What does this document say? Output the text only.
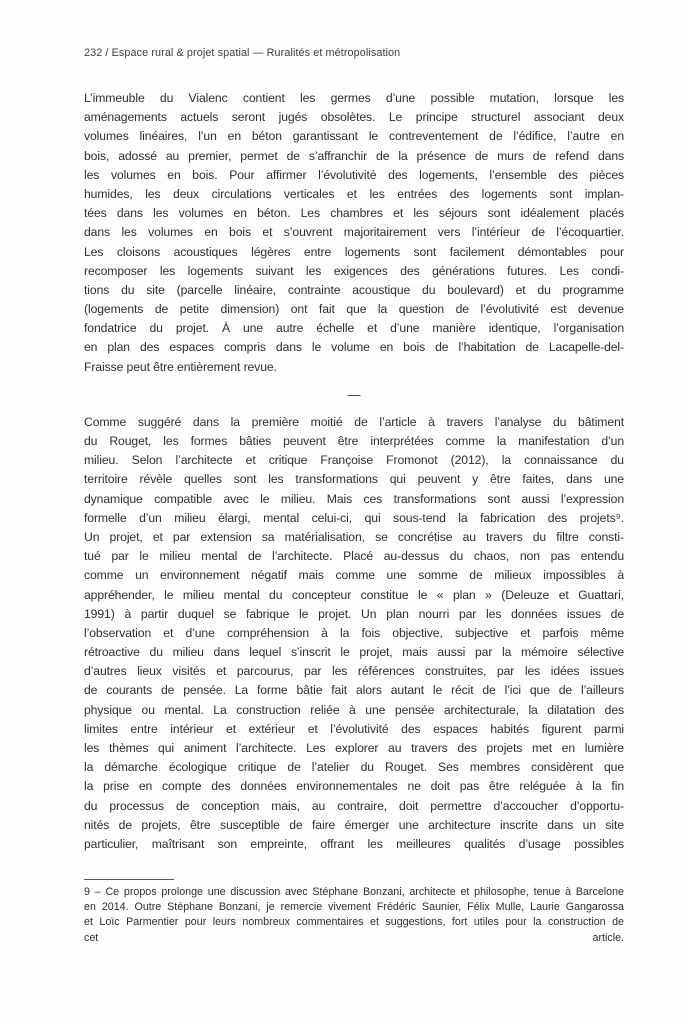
232 / Espace rural & projet spatial — Ruralités et métropolisation
L’immeuble du Vialenc contient les germes d’une possible mutation, lorsque les
aménagements actuels seront jugés obsolètes. Le principe structurel associant deux
volumes linéaires, l’un en béton garantissant le contreventement de l’édifice, l’autre en
bois, adossé au premier, permet de s’affranchir de la présence de murs de refend dans
les volumes en bois. Pour affirmer l’évolutivité des logements, l’ensemble des pièces
humides, les deux circulations verticales et les entrées des logements sont implan-
tées dans les volumes en béton. Les chambres et les séjours sont idéalement placés
dans les volumes en bois et s’ouvrent majoritairement vers l’intérieur de l’écoquartier.
Les cloisons acoustiques légères entre logements sont facilement démontables pour
recomposer les logements suivant les exigences des générations futures. Les condi-
tions du site (parcelle linéaire, contrainte acoustique du boulevard) et du programme
(logements de petite dimension) ont fait que la question de l’évolutivité est devenue
fondatrice du projet. À une autre échelle et d’une manière identique, l’organisation
en plan des espaces compris dans le volume en bois de l’habitation de Lacapelle-del-
Fraisse peut être entièrement revue.
—
Comme suggéré dans la première moitié de l’article à travers l’analyse du bâtiment
du Rouget, les formes bâties peuvent être interprétées comme la manifestation d’un
milieu. Selon l’architecte et critique Françoise Fromonot (2012), la connaissance du
territoire révèle quelles sont les transformations qui peuvent y être faites, dans une
dynamique compatible avec le milieu. Mais ces transformations sont aussi l’expression
formelle d’un milieu élargi, mental celui-ci, qui sous-tend la fabrication des projets⁹.
Un projet, et par extension sa matérialisation, se concrétise au travers du filtre consti-
tué par le milieu mental de l’architecte. Placé au-dessus du chaos, non pas entendu
comme un environnement négatif mais comme une somme de milieux impossibles à
appréhender, le milieu mental du concepteur constitue le « plan » (Deleuze et Guattari,
1991) à partir duquel se fabrique le projet. Un plan nourri par les données issues de
l’observation et d’une compréhension à la fois objective, subjective et parfois même
rétroactive du milieu dans lequel s’inscrit le projet, mais aussi par la mémoire sélective
d’autres lieux visités et parcourus, par les références construites, par les idées issues
de courants de pensée. La forme bâtie fait alors autant le récit de l’ici que de l’ailleurs
physique ou mental. La construction reliée à une pensée architecturale, la dilatation des
limites entre intérieur et extérieur et l’évolutivité des espaces habités figurent parmi
les thèmes qui animent l’architecte. Les explorer au travers des projets met en lumière
la démarche écologique critique de l’atelier du Rouget. Ses membres considèrent que
la prise en compte des données environnementales ne doit pas être reléguée à la fin
du processus de conception mais, au contraire, doit permettre d’accoucher d’opportu-
nités de projets, être susceptible de faire émerger une architecture inscrite dans un site
particulier, maîtrisant son empreinte, offrant les meilleures qualités d’usage possibles
9 – Ce propos prolonge une discussion avec Stéphane Bonzani, architecte et philosophe, tenue à Barcelone
en 2014. Outre Stéphane Bonzani, je remercie vivement Frédéric Saunier, Félix Mulle, Laurie Gangarossa
et Loïc Parmentier pour leurs nombreux commentaires et suggestions, fort utiles pour la construction de
cet article.
